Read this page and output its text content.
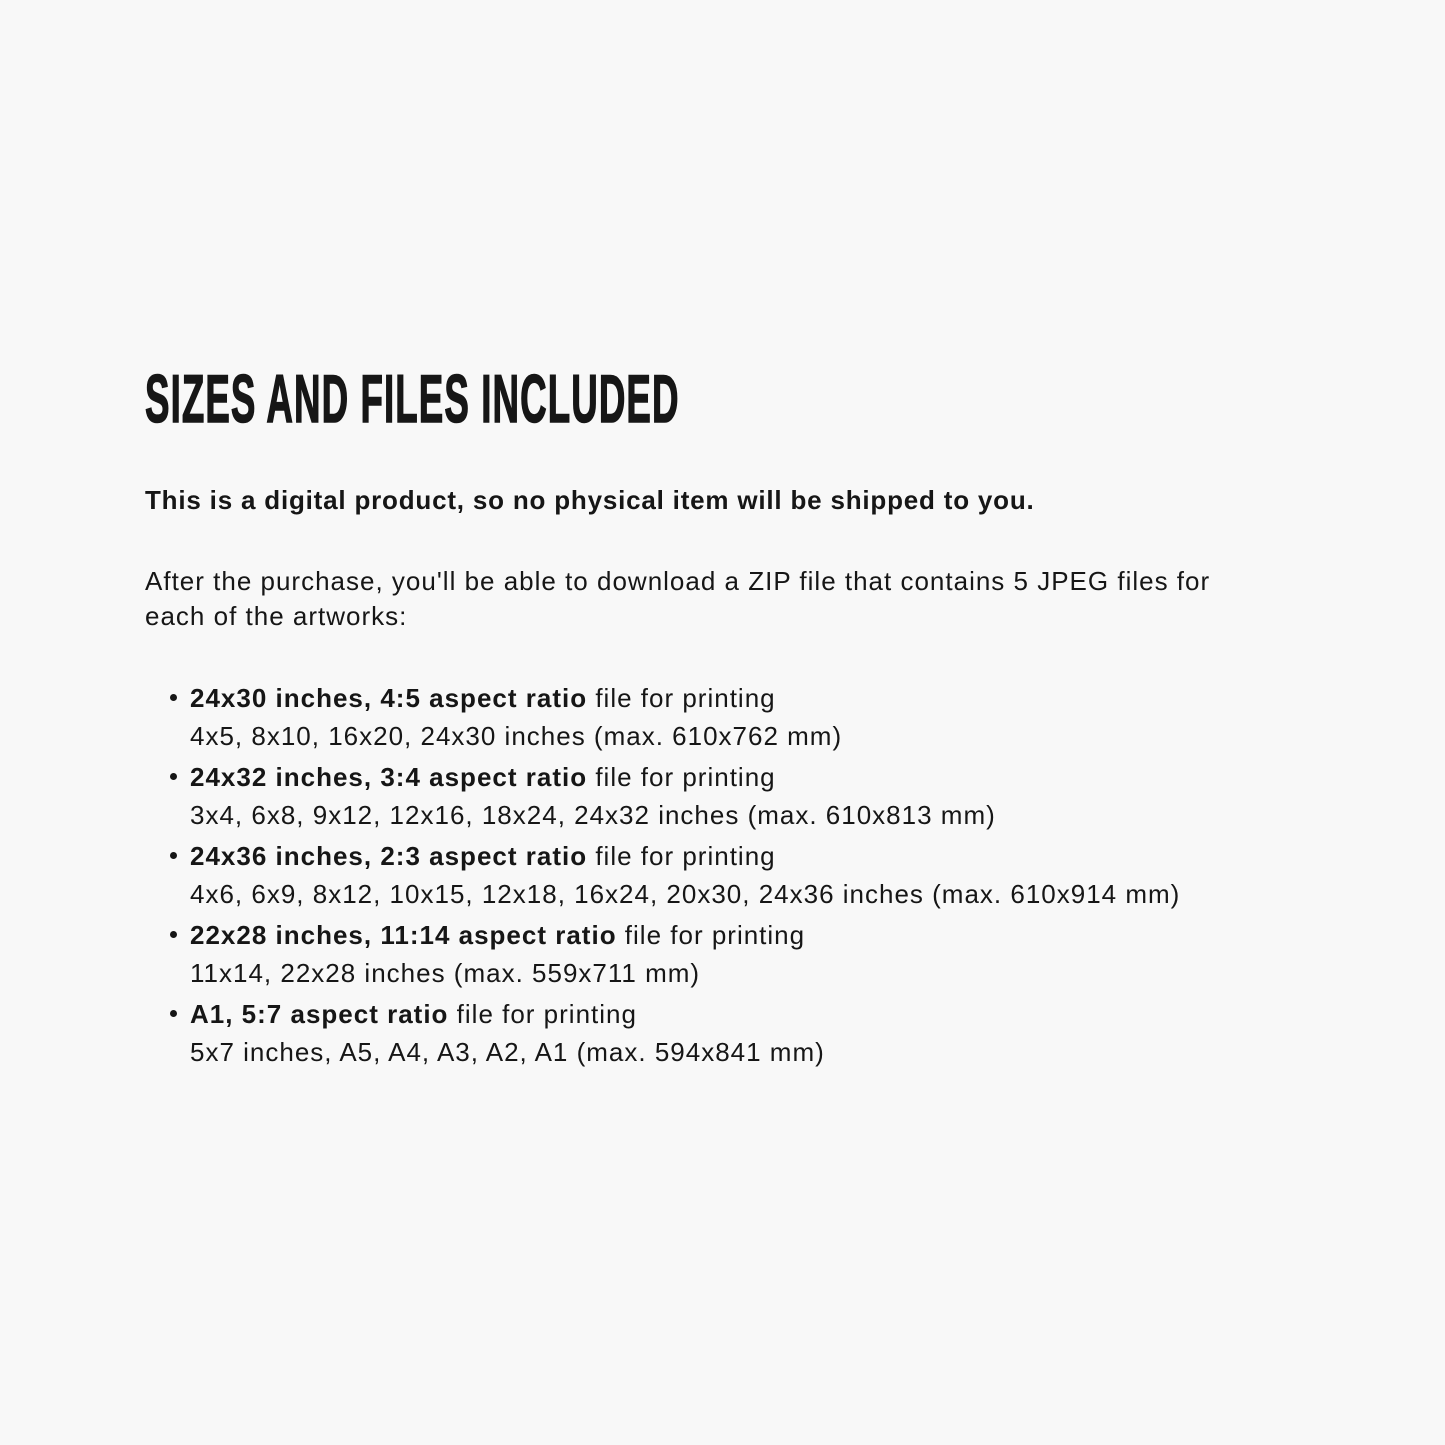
SIZES AND FILES INCLUDED

This is a digital product, so no physical item will be shipped to you.

After the purchase, you'll be able to download a ZIP file that contains 5 JPEG files for
each of the artworks:
24x30 inches, 4:5 aspect ratio file for printing
4x5, 8x10, 16x20, 24x30 inches (max. 610x762 mm)
24x32 inches, 3:4 aspect ratio file for printing
3x4, 6x8, 9x12, 12x16, 18x24, 24x32 inches (max. 610x813 mm)
24x36 inches, 2:3 aspect ratio file for printing
4x6, 6x9, 8x12, 10x15, 12x18, 16x24, 20x30, 24x36 inches (max. 610x914 mm)
22x28 inches, 11:14 aspect ratio file for printing
11x14, 22x28 inches (max. 559x711 mm)
A1, 5:7 aspect ratio file for printing
5x7 inches, A5, A4, A3, A2, A1 (max. 594x841 mm)
